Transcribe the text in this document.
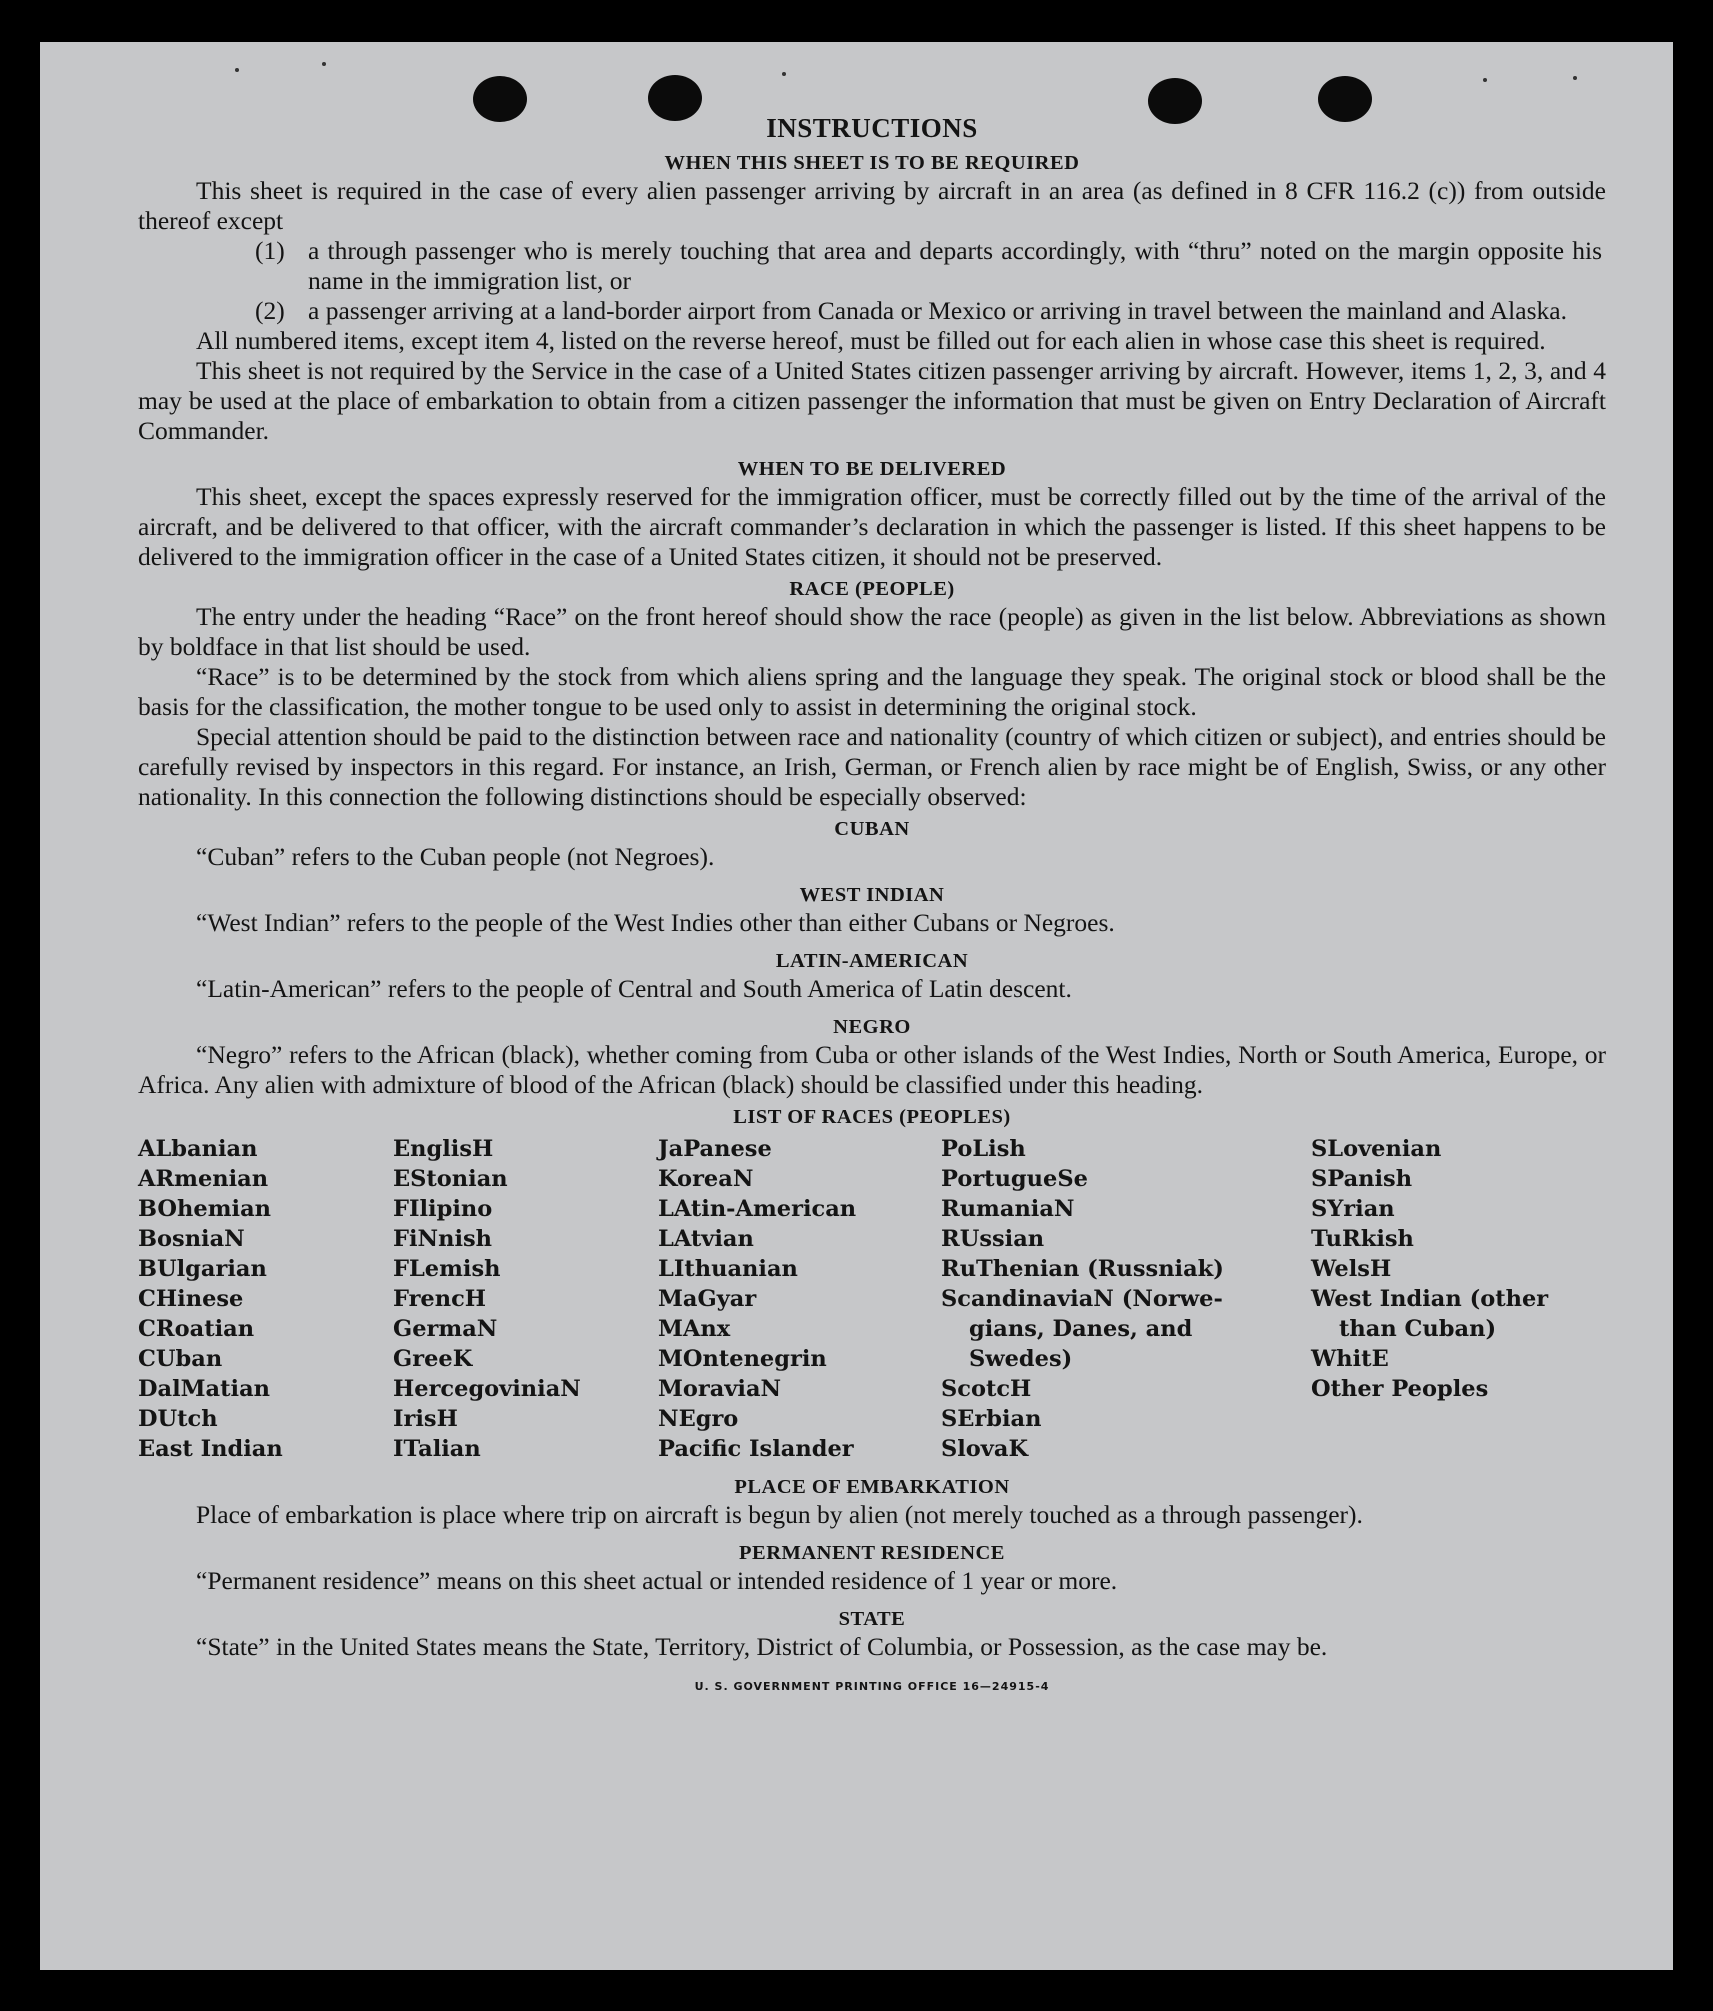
INSTRUCTIONS
WHEN THIS SHEET IS TO BE REQUIRED

This sheet is required in the case of every alien passenger arriving by aircraft in an area (as defined in 8 CFR 116.2 (c)) from outside thereof except

(1) a through passenger who is merely touching that area and departs accordingly, with “thru” noted on the margin opposite his name in the immigration list, or
(2) a passenger arriving at a land-border airport from Canada or Mexico or arriving in travel between the mainland and Alaska.

All numbered items, except item 4, listed on the reverse hereof, must be filled out for each alien in whose case this sheet is required.

This sheet is not required by the Service in the case of a United States citizen passenger arriving by aircraft. However, items 1, 2, 3, and 4 may be used at the place of embarkation to obtain from a citizen passenger the information that must be given on Entry Declaration of Aircraft Commander.

WHEN TO BE DELIVERED

This sheet, except the spaces expressly reserved for the immigration officer, must be correctly filled out by the time of the arrival of the aircraft, and be delivered to that officer, with the aircraft commander’s declaration in which the passenger is listed. If this sheet happens to be delivered to the immigration officer in the case of a United States citizen, it should not be preserved.

RACE (PEOPLE)

The entry under the heading “Race” on the front hereof should show the race (people) as given in the list below. Abbreviations as shown by boldface in that list should be used.

“Race” is to be determined by the stock from which aliens spring and the language they speak. The original stock or blood shall be the basis for the classification, the mother tongue to be used only to assist in determining the original stock.

Special attention should be paid to the distinction between race and nationality (country of which citizen or subject), and entries should be carefully revised by inspectors in this regard. For instance, an Irish, German, or French alien by race might be of English, Swiss, or any other nationality. In this connection the following distinctions should be especially observed:

CUBAN

“Cuban” refers to the Cuban people (not Negroes).

WEST INDIAN

“West Indian” refers to the people of the West Indies other than either Cubans or Negroes.

LATIN-AMERICAN

“Latin-American” refers to the people of Central and South America of Latin descent.

NEGRO

“Negro” refers to the African (black), whether coming from Cuba or other islands of the West Indies, North or South America, Europe, or Africa. Any alien with admixture of blood of the African (black) should be classified under this heading.

LIST OF RACES (PEOPLES)
ALbanian
ARmenian
BOhemian
BosniaN
BUlgarian
CHinese
CRoatian
CUban
DalMatian
DUtch
East Indian
EnglisH
EStonian
FIlipino
FiNnish
FLemish
FrencH
GermaN
GreeK
HercegoviniaN
IrisH
ITalian
JaPanese
KoreaN
LAtin-American
LAtvian
LIthuanian
MaGyar
MAnx
MOntenegrin
MoraviaN
NEgro
Pacific Islander
PoLish
PortugueSe
RumaniaN
RUssian
RuThenian (Russniak)
ScandinaviaN (Norwe-gians, Danes, and Swedes)
ScotcH
SErbian
SlovaK
SLovenian
SPanish
SYrian
TuRkish
WelsH
West Indian (other than Cuban)
WhitE
Other Peoples
PLACE OF EMBARKATION

Place of embarkation is place where trip on aircraft is begun by alien (not merely touched as a through passenger).

PERMANENT RESIDENCE

“Permanent residence” means on this sheet actual or intended residence of 1 year or more.

STATE

“State” in the United States means the State, Territory, District of Columbia, or Possession, as the case may be.

U. S. GOVERNMENT PRINTING OFFICE 16—24915-4
